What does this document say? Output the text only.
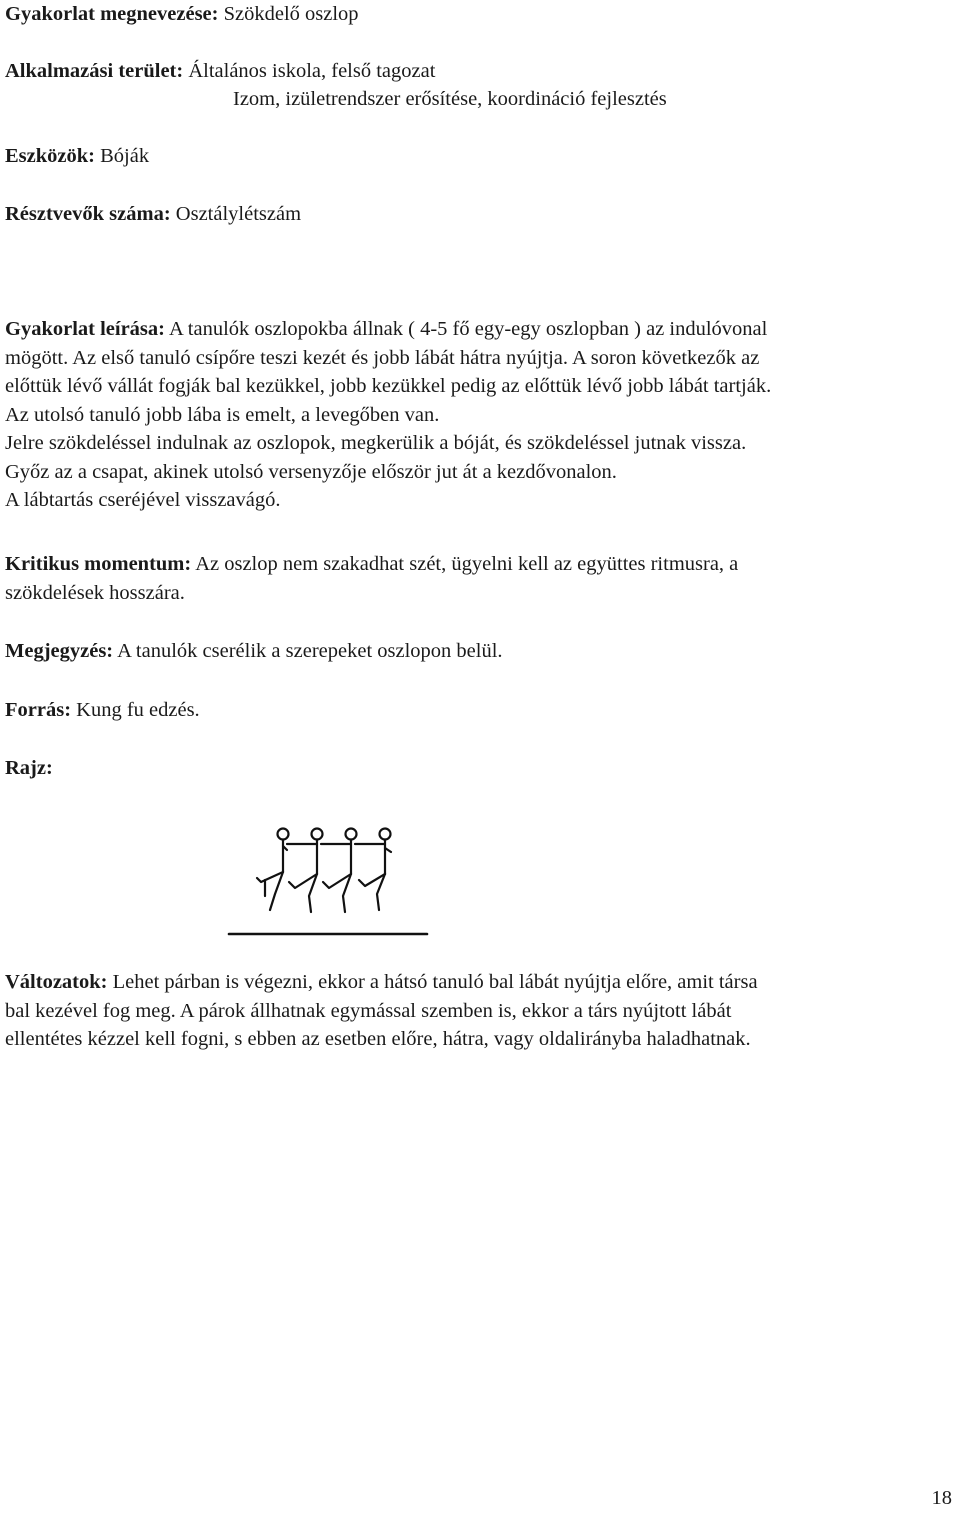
Gyakorlat megnevezése: Szökdelő oszlop
Alkalmazási terület: Általános iskola, felső tagozat
Izom, izületrendszer erősítése, koordináció fejlesztés
Eszközök: Bóják
Résztvevők száma: Osztálylétszám
Gyakorlat leírása: A tanulók oszlopokba állnak ( 4-5 fő egy-egy oszlopban ) az indulóvonal
mögött. Az első tanuló csípőre teszi kezét és jobb lábát hátra nyújtja. A soron következők az
előttük lévő vállát fogják bal kezükkel, jobb kezükkel pedig az előttük lévő jobb lábát tartják.
Az utolsó tanuló jobb lába is emelt, a levegőben van.
Jelre szökdeléssel indulnak az oszlopok, megkerülik a bóját, és szökdeléssel jutnak vissza.
Győz az a csapat, akinek utolsó versenyzője először jut át a kezdővonalon.
A lábtartás cseréjével visszavágó.
Kritikus momentum: Az oszlop nem szakadhat szét, ügyelni kell az együttes ritmusra, a
szökdelések hosszára.
Megjegyzés: A tanulók cserélik a szerepeket oszlopon belül.
Forrás: Kung fu edzés.
Rajz:
Változatok: Lehet párban is végezni, ekkor a hátsó tanuló bal lábát nyújtja előre, amit társa
bal kezével fog meg. A párok állhatnak egymással szemben is, ekkor a társ nyújtott lábát
ellentétes kézzel kell fogni, s ebben az esetben előre, hátra, vagy oldalirányba haladhatnak.
18
